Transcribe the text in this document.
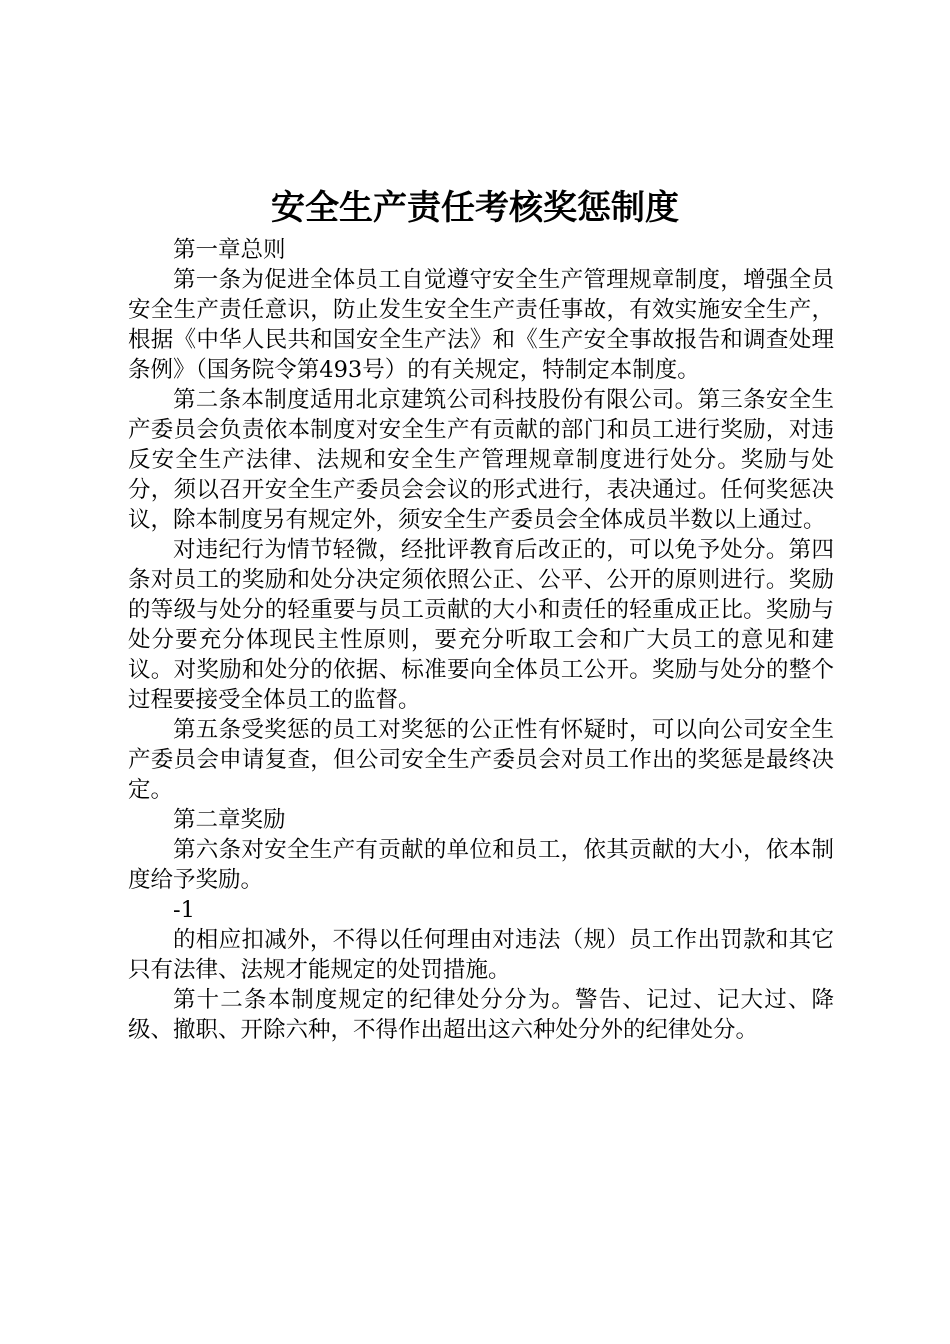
安全生产责任考核奖惩制度

第一章总则

第一条为促进全体员工自觉遵守安全生产管理规章制度，增强全员安全生产责任意识，防止发生安全生产责任事故，有效实施安全生产，根据《中华人民共和国安全生产法》和《生产安全事故报告和调查处理条例》（国务院令第493号）的有关规定，特制定本制度。

第二条本制度适用北京建筑公司科技股份有限公司。第三条安全生产委员会负责依本制度对安全生产有贡献的部门和员工进行奖励，对违反安全生产法律、法规和安全生产管理规章制度进行处分。奖励与处分，须以召开安全生产委员会会议的形式进行，表决通过。任何奖惩决议，除本制度另有规定外，须安全生产委员会全体成员半数以上通过。

对违纪行为情节轻微，经批评教育后改正的，可以免予处分。第四条对员工的奖励和处分决定须依照公正、公平、公开的原则进行。奖励的等级与处分的轻重要与员工贡献的大小和责任的轻重成正比。奖励与处分要充分体现民主性原则，要充分听取工会和广大员工的意见和建议。对奖励和处分的依据、标准要向全体员工公开。奖励与处分的整个过程要接受全体员工的监督。

第五条受奖惩的员工对奖惩的公正性有怀疑时，可以向公司安全生产委员会申请复查，但公司安全生产委员会对员工作出的奖惩是最终决定。

第二章奖励

第六条对安全生产有贡献的单位和员工，依其贡献的大小，依本制度给予奖励。

-1

的相应扣减外，不得以任何理由对违法（规）员工作出罚款和其它只有法律、法规才能规定的处罚措施。

第十二条本制度规定的纪律处分分为。警告、记过、记大过、降级、撤职、开除六种，不得作出超出这六种处分外的纪律处分。
